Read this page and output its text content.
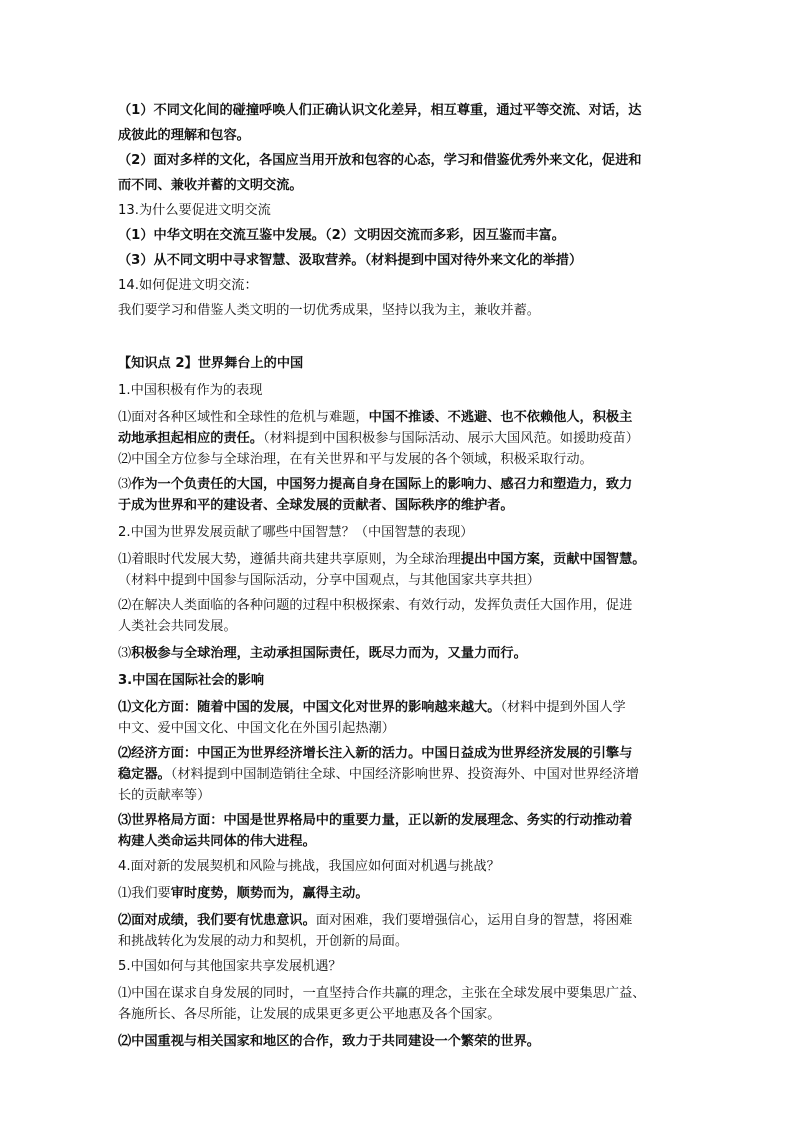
（1）不同文化间的碰撞呼唤人们正确认识文化差异，相互尊重，通过平等交流、对话，达
成彼此的理解和包容。

（2）面对多样的文化，各国应当用开放和包容的心态，学习和借鉴优秀外来文化，促进和
而不同、兼收并蓄的文明交流。

13.为什么要促进文明交流

（1）中华文明在交流互鉴中发展。（2）文明因交流而多彩，因互鉴而丰富。

（3）从不同文明中寻求智慧、汲取营养。（材料提到中国对待外来文化的举措）

14.如何促进文明交流：

我们要学习和借鉴人类文明的一切优秀成果，坚持以我为主，兼收并蓄。

【知识点 2】世界舞台上的中国

1.中国积极有作为的表现

⑴面对各种区域性和全球性的危机与难题，中国不推诿、不逃避、也不依赖他人，积极主
动地承担起相应的责任。（材料提到中国积极参与国际活动、展示大国风范。如援助疫苗）

⑵中国全方位参与全球治理，在有关世界和平与发展的各个领域，积极采取行动。

⑶作为一个负责任的大国，中国努力提高自身在国际上的影响力、感召力和塑造力，致力
于成为世界和平的建设者、全球发展的贡献者、国际秩序的维护者。

2.中国为世界发展贡献了哪些中国智慧？（中国智慧的表现）

⑴着眼时代发展大势，遵循共商共建共享原则，为全球治理提出中国方案，贡献中国智慧。
（材料中提到中国参与国际活动，分享中国观点，与其他国家共享共担）

⑵在解决人类面临的各种问题的过程中积极探索、有效行动，发挥负责任大国作用，促进
人类社会共同发展。

⑶积极参与全球治理，主动承担国际责任，既尽力而为，又量力而行。

3.中国在国际社会的影响

⑴文化方面：随着中国的发展，中国文化对世界的影响越来越大。（材料中提到外国人学
中文、爱中国文化、中国文化在外国引起热潮）

⑵经济方面：中国正为世界经济增长注入新的活力。中国日益成为世界经济发展的引擎与
稳定器。（材料提到中国制造销往全球、中国经济影响世界、投资海外、中国对世界经济增
长的贡献率等）

⑶世界格局方面：中国是世界格局中的重要力量，正以新的发展理念、务实的行动推动着
构建人类命运共同体的伟大进程。

4.面对新的发展契机和风险与挑战，我国应如何面对机遇与挑战？

⑴我们要审时度势，顺势而为，赢得主动。

⑵面对成绩，我们要有忧患意识。面对困难，我们要增强信心，运用自身的智慧，将困难
和挑战转化为发展的动力和契机，开创新的局面。

5.中国如何与其他国家共享发展机遇？

⑴中国在谋求自身发展的同时，一直坚持合作共赢的理念，主张在全球发展中要集思广益、
各施所长、各尽所能，让发展的成果更多更公平地惠及各个国家。

⑵中国重视与相关国家和地区的合作，致力于共同建设一个繁荣的世界。
